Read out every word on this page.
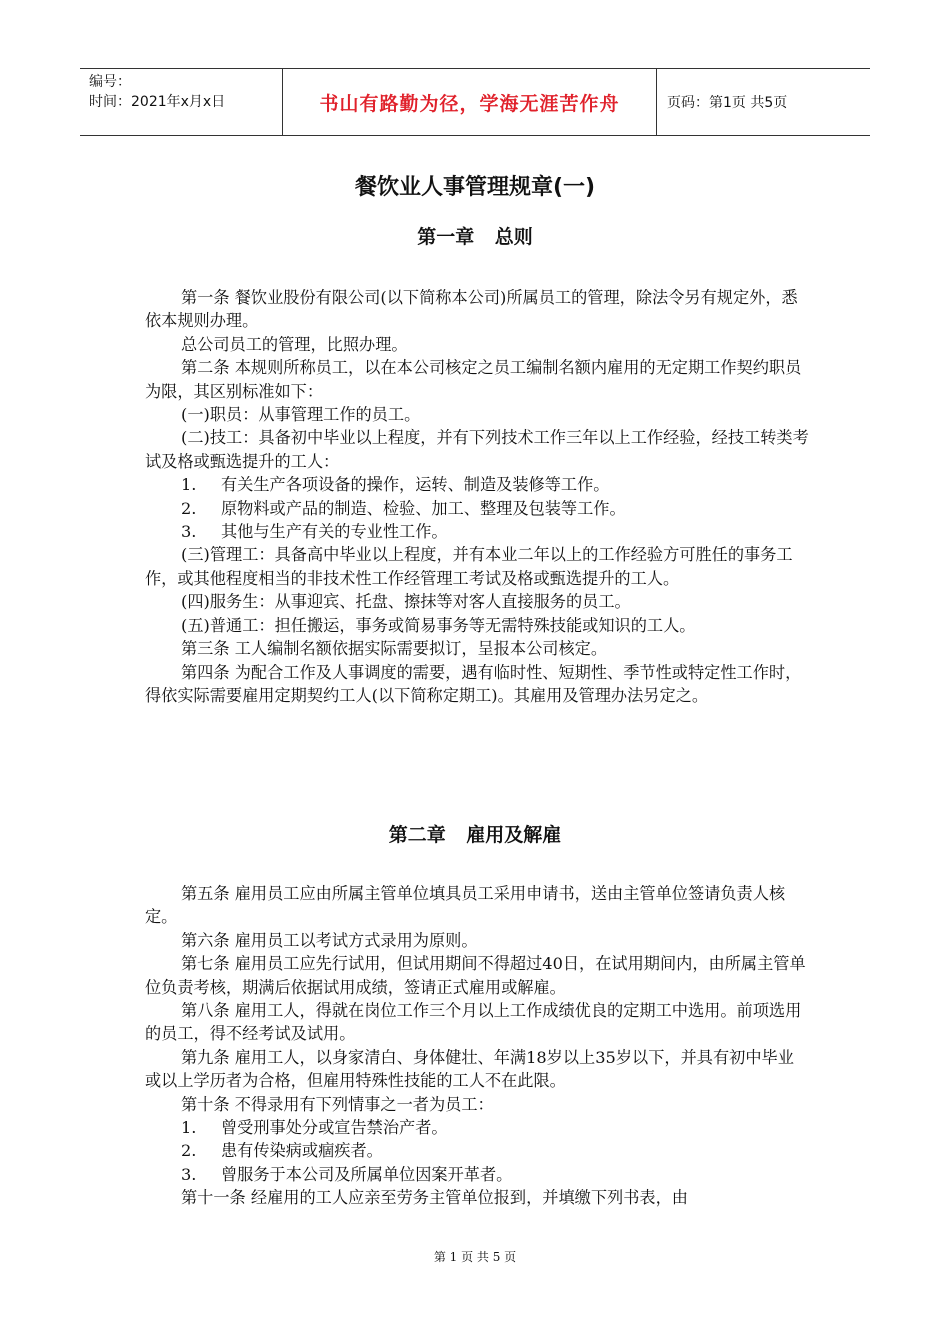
编号：
时间：2021年x月x日	书山有路勤为径，学海无涯苦作舟	页码：第1页 共5页
餐饮业人事管理规章(一)
第一章 总则

第一条 餐饮业股份有限公司(以下简称本公司)所属员工的管理，除法令另有规定外，悉依本规则办理。

总公司员工的管理，比照办理。

第二条 本规则所称员工，以在本公司核定之员工编制名额内雇用的无定期工作契约职员为限，其区别标准如下：

(一)职员：从事管理工作的员工。

(二)技工：具备初中毕业以上程度，并有下列技术工作三年以上工作经验，经技工转类考试及格或甄选提升的工人：

1. 有关生产各项设备的操作，运转、制造及装修等工作。

2. 原物料或产品的制造、检验、加工、整理及包装等工作。

3. 其他与生产有关的专业性工作。

(三)管理工：具备高中毕业以上程度，并有本业二年以上的工作经验方可胜任的事务工作，或其他程度相当的非技术性工作经管理工考试及格或甄选提升的工人。

(四)服务生：从事迎宾、托盘、擦抹等对客人直接服务的员工。

(五)普通工：担任搬运，事务或简易事务等无需特殊技能或知识的工人。

第三条 工人编制名额依据实际需要拟订，呈报本公司核定。

第四条 为配合工作及人事调度的需要，遇有临时性、短期性、季节性或特定性工作时，得依实际需要雇用定期契约工人(以下简称定期工)。其雇用及管理办法另定之。

第二章 雇用及解雇

第五条 雇用员工应由所属主管单位填具员工采用申请书，送由主管单位签请负责人核定。

第六条 雇用员工以考试方式录用为原则。

第七条 雇用员工应先行试用，但试用期间不得超过40日，在试用期间内，由所属主管单位负责考核，期满后依据试用成绩，签请正式雇用或解雇。

第八条 雇用工人，得就在岗位工作三个月以上工作成绩优良的定期工中选用。前项选用的员工，得不经考试及试用。

第九条 雇用工人，以身家清白、身体健壮、年满18岁以上35岁以下，并具有初中毕业或以上学历者为合格，但雇用特殊性技能的工人不在此限。

第十条 不得录用有下列情事之一者为员工：

1. 曾受刑事处分或宣告禁治产者。

2. 患有传染病或痼疾者。

3. 曾服务于本公司及所属单位因案开革者。

第十一条 经雇用的工人应亲至劳务主管单位报到，并填缴下列书表，由

第 1 页 共 5 页
